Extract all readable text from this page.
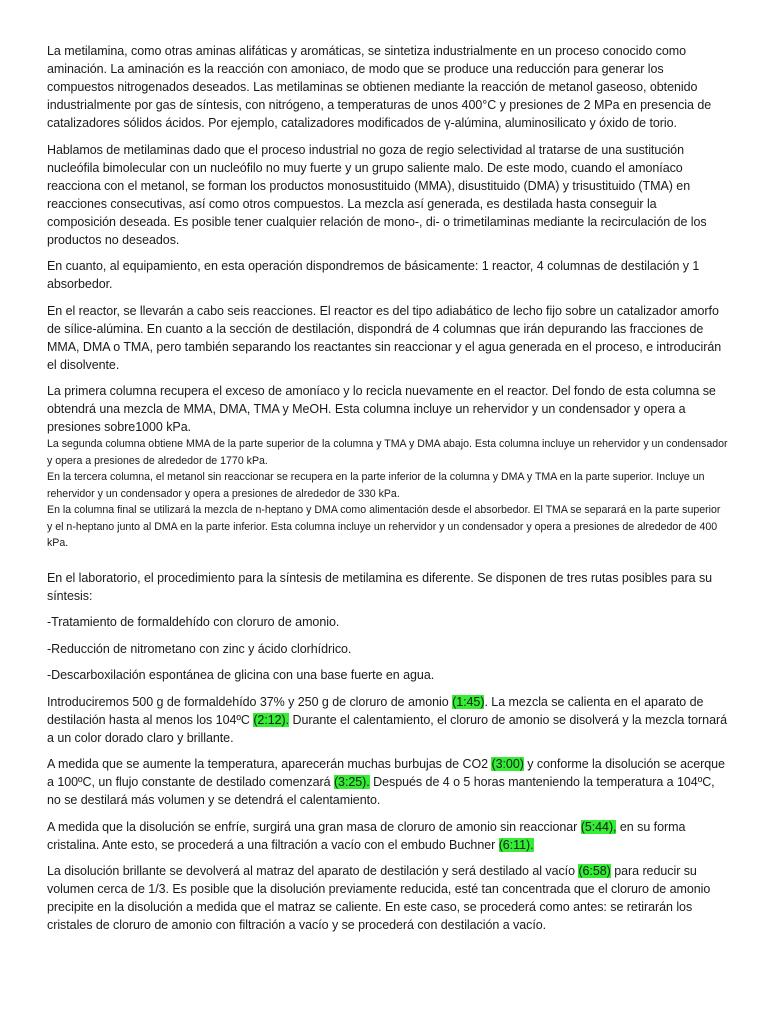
La metilamina, como otras aminas alifáticas y aromáticas, se sintetiza industrialmente en un proceso conocido como aminación. La aminación es la reacción con amoniaco, de modo que se produce una reducción para generar los compuestos nitrogenados deseados. Las metilaminas se obtienen mediante la reacción de metanol gaseoso, obtenido industrialmente por gas de síntesis, con nitrógeno, a temperaturas de unos 400°C y presiones de 2 MPa en presencia de catalizadores sólidos ácidos. Por ejemplo, catalizadores modificados de γ-alúmina, aluminosilicato y óxido de torio.

Hablamos de metilaminas dado que el proceso industrial no goza de regio selectividad al tratarse de una sustitución nucleófila bimolecular con un nucleófilo no muy fuerte y un grupo saliente malo. De este modo, cuando el amoníaco reacciona con el metanol, se forman los productos monosustituido (MMA), disustituido (DMA) y trisustituido (TMA) en reacciones consecutivas, así como otros compuestos. La mezcla así generada, es destilada hasta conseguir la composición deseada. Es posible tener cualquier relación de mono-, di- o trimetilaminas mediante la recirculación de los productos no deseados.

En cuanto, al equipamiento, en esta operación dispondremos de básicamente: 1 reactor, 4 columnas de destilación y 1 absorbedor.

En el reactor, se llevarán a cabo seis reacciones. El reactor es del tipo adiabático de lecho fijo sobre un catalizador amorfo de sílice-alúmina. En cuanto a la sección de destilación, dispondrá de 4 columnas que irán depurando las fracciones de MMA, DMA o TMA, pero también separando los reactantes sin reaccionar y el agua generada en el proceso, e introducirán el disolvente.

La primera columna recupera el exceso de amoníaco y lo recicla nuevamente en el reactor. Del fondo de esta columna se obtendrá una mezcla de MMA, DMA, TMA y MeOH. Esta columna incluye un rehervidor y un condensador y opera a presiones sobre1000 kPa.

La segunda columna obtiene MMA de la parte superior de la columna y TMA y DMA abajo. Esta columna incluye un rehervidor y un condensador y opera a presiones de alrededor de 1770 kPa.

En la tercera columna, el metanol sin reaccionar se recupera en la parte inferior de la columna y DMA y TMA en la parte superior. Incluye un rehervidor y un condensador y opera a presiones de alrededor de 330 kPa.

En la columna final se utilizará la mezcla de n-heptano y DMA como alimentación desde el absorbedor. El TMA se separará en la parte superior y el n-heptano junto al DMA en la parte inferior. Esta columna incluye un rehervidor y un condensador y opera a presiones de alrededor de 400 kPa.

En el laboratorio, el procedimiento para la síntesis de metilamina es diferente. Se disponen de tres rutas posibles para su síntesis:

-Tratamiento de formaldehído con cloruro de amonio.

-Reducción de nitrometano con zinc y ácido clorhídrico.

-Descarboxilación espontánea de glicina con una base fuerte en agua.

Introduciremos 500 g de formaldehído 37% y 250 g de cloruro de amonio (1:45). La mezcla se calienta en el aparato de destilación hasta al menos los 104ºC (2:12). Durante el calentamiento, el cloruro de amonio se disolverá y la mezcla tornará a un color dorado claro y brillante.

A medida que se aumente la temperatura, aparecerán muchas burbujas de CO2 (3:00) y conforme la disolución se acerque a 100ºC, un flujo constante de destilado comenzará (3:25). Después de 4 o 5 horas manteniendo la temperatura a 104ºC, no se destilará más volumen y se detendrá el calentamiento.

A medida que la disolución se enfríe, surgirá una gran masa de cloruro de amonio sin reaccionar (5:44), en su forma cristalina. Ante esto, se procederá a una filtración a vacío con el embudo Buchner (6:11).

La disolución brillante se devolverá al matraz del aparato de destilación y será destilado al vacío (6:58) para reducir su volumen cerca de 1/3. Es posible que la disolución previamente reducida, esté tan concentrada que el cloruro de amonio precipite en la disolución a medida que el matraz se caliente. En este caso, se procederá como antes: se retirarán los cristales de cloruro de amonio con filtración a vacío y se procederá con destilación a vacío.
